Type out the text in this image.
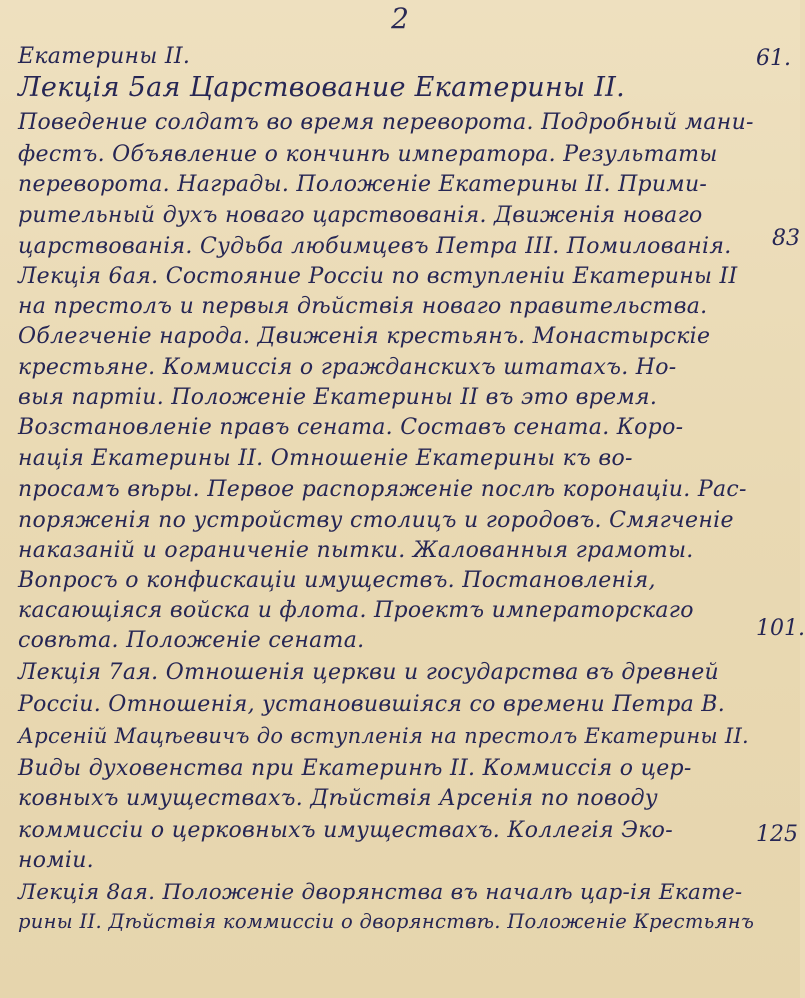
2
61.
83
101.
125
Екатерины II.
Лекція 5ая Царствование Екатерины II.
Поведение солдатъ во время переворота. Подробный мани-
фестъ. Объявление о кончинѣ императора. Результаты
переворота. Награды. Положеніе Екатерины II. Прими-
рительный духъ новаго царствованія. Движенія новаго
царствованія. Судьба любимцевъ Петра III. Помилованія.
Лекція 6ая. Состояние Россіи по вступленіи Екатерины II
на престолъ и первыя дѣйствія новаго правительства.
Облегченіе народа. Движенія крестьянъ. Монастырскіе
крестьяне. Коммиссія о гражданскихъ штатахъ. Но-
выя партіи. Положеніе Екатерины II въ это время.
Возстановленіе правъ сената. Составъ сената. Коро-
нація Екатерины II. Отношеніе Екатерины къ во-
просамъ вѣры. Первое распоряженіе послѣ коронаціи. Рас-
поряженія по устройству столицъ и городовъ. Смягченіе
наказаній и ограниченіе пытки. Жалованныя грамоты.
Вопросъ о конфискаціи имуществъ. Постановленія,
касающіяся войска и флота. Проектъ императорскаго
совѣта. Положеніе сената.
Лекція 7ая. Отношенія церкви и государства въ древней
Россіи. Отношенія, установившіяся со времени Петра В.
Арсеній Мацѣевичъ до вступленія на престолъ Екатерины II.
Виды духовенства при Екатеринѣ II. Коммиссія о цер-
ковныхъ имуществахъ. Дѣйствія Арсенія по поводу
коммиссіи о церковныхъ имуществахъ. Коллегія Эко-
номіи.
Лекція 8ая. Положеніе дворянства въ началѣ цар-ія Екате-
рины II. Дѣйствія коммиссіи о дворянствѣ. Положеніе Крестьянъ
